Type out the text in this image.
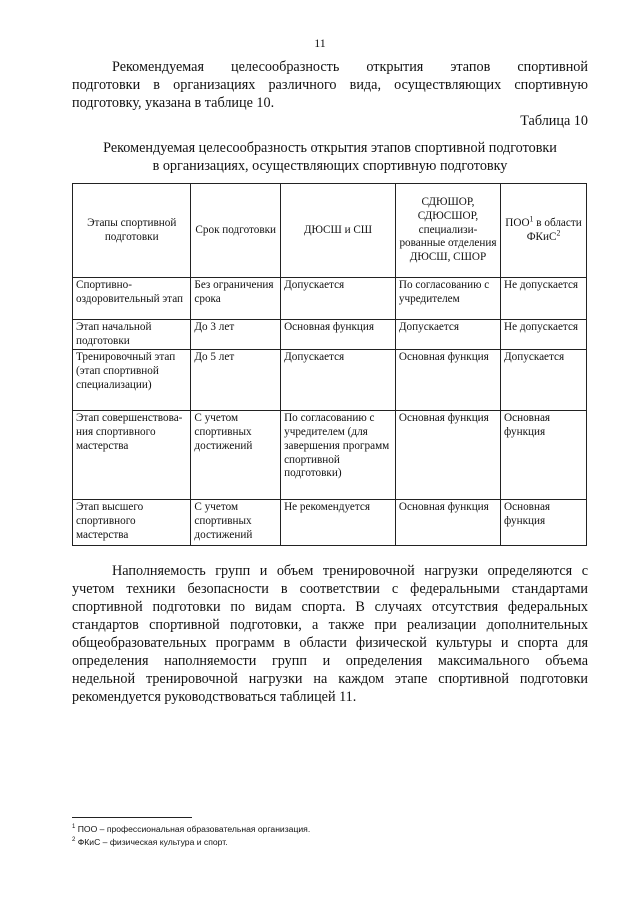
11
Рекомендуемая целесообразность открытия этапов спортивной
подготовки в организациях различного вида, осуществляющих спортивную
подготовку, указана в таблице 10.
Таблица 10
Рекомендуемая целесообразность открытия этапов спортивной подготовки
в организациях, осуществляющих спортивную подготовку
Этапы спортивной подготовки	Срок подготовки	ДЮСШ и СШ	СДЮШОР, СДЮСШОР, специализи-рованные отделения ДЮСШ, СШОР	ПОО$^1$ в области ФКиС$^2$
Спортивно-оздоровительный этап	Без ограничения срока	Допускается	По согласованию с учредителем	Не допускается
Этап начальной подготовки	До 3 лет	Основная функция	Допускается	Не допускается
Тренировочный этап (этап спортивной специализации)	До 5 лет	Допускается	Основная функция	Допускается
Этап совершенствова-ния спортивного мастерства	С учетом спортивных достижений	По согласованию с учредителем (для завершения программ спортивной подготовки)	Основная функция	Основная функция
Этап высшего спортивного мастерства	С учетом спортивных достижений	Не рекомендуется	Основная функция	Основная функция
Наполняемость групп и объем тренировочной нагрузки определяются с
учетом техники безопасности в соответствии с федеральными стандартами
спортивной подготовки по видам спорта. В случаях отсутствия федеральных
стандартов спортивной подготовки, а также при реализации дополнительных
общеобразовательных программ в области физической культуры и спорта для
определения наполняемости групп и определения максимального объема
недельной тренировочной нагрузки на каждом этапе спортивной подготовки
рекомендуется руководствоваться таблицей 11.
$^1$ ПОО – профессиональная образовательная организация.
$^2$ ФКиС – физическая культура и спорт.
